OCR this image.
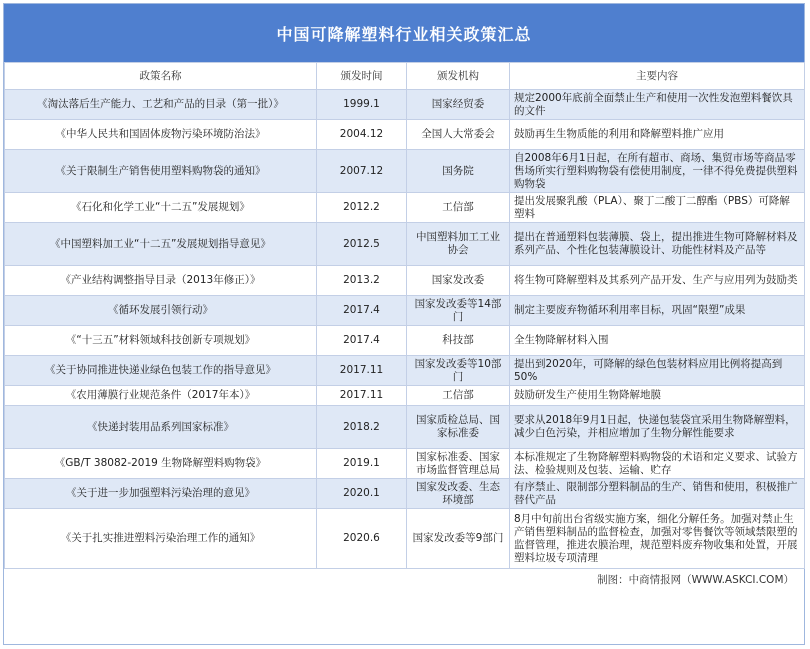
中国可降解塑料行业相关政策汇总
政策名称	颁发时间	颁发机构	主要内容
《淘汰落后生产能力、工艺和产品的目录（第一批）》	1999.1	国家经贸委	规定2000年底前全面禁止生产和使用一次性发泡塑料餐饮具的文件
《中华人民共和国固体废物污染环境防治法》	2004.12	全国人大常委会	鼓励再生生物质能的利用和降解塑料推广应用
《关于限制生产销售使用塑料购物袋的通知》	2007.12	国务院	自2008年6月1日起，在所有超市、商场、集贸市场等商品零售场所实行塑料购物袋有偿使用制度，一律不得免费提供塑料购物袋
《石化和化学工业“十二五”发展规划》	2012.2	工信部	提出发展聚乳酸（PLA）、聚丁二酸丁二醇酯（PBS）可降解塑料
《中国塑料加工业“十二五”发展规划指导意见》	2012.5	中国塑料加工工业协会	提出在普通塑料包装薄膜、袋上，提出推进生物可降解材料及系列产品、个性化包装薄膜设计、功能性材料及产品等
《产业结构调整指导目录（2013年修正）》	2013.2	国家发改委	将生物可降解塑料及其系列产品开发、生产与应用列为鼓励类
《循环发展引领行动》	2017.4	国家发改委等14部门	制定主要废弃物循环利用率目标，巩固“限塑”成果
《“十三五”材料领域科技创新专项规划》	2017.4	科技部	全生物降解材料入围
《关于协同推进快递业绿色包装工作的指导意见》	2017.11	国家发改委等10部门	提出到2020年，可降解的绿色包装材料应用比例将提高到50%
《农用薄膜行业规范条件（2017年本）》	2017.11	工信部	鼓励研发生产使用生物降解地膜
《快递封装用品系列国家标准》	2018.2	国家质检总局、国家标准委	要求从2018年9月1日起，快递包装袋宜采用生物降解塑料，减少白色污染，并相应增加了生物分解性能要求
《GB/T 38082-2019 生物降解塑料购物袋》	2019.1	国家标准委、国家市场监督管理总局	本标准规定了生物降解塑料购物袋的术语和定义要求、试验方法、检验规则及包装、运输、贮存
《关于进一步加强塑料污染治理的意见》	2020.1	国家发改委、生态环境部	有序禁止、限制部分塑料制品的生产、销售和使用，积极推广替代产品
《关于扎实推进塑料污染治理工作的通知》	2020.6	国家发改委等9部门	8月中旬前出台省级实施方案，细化分解任务。加强对禁止生产销售塑料制品的监督检查，加强对零售餐饮等领域禁限塑的监督管理，推进农膜治理，规范塑料废弃物收集和处置，开展塑料垃圾专项清理
制图：中商情报网（WWW.ASKCI.COM）
